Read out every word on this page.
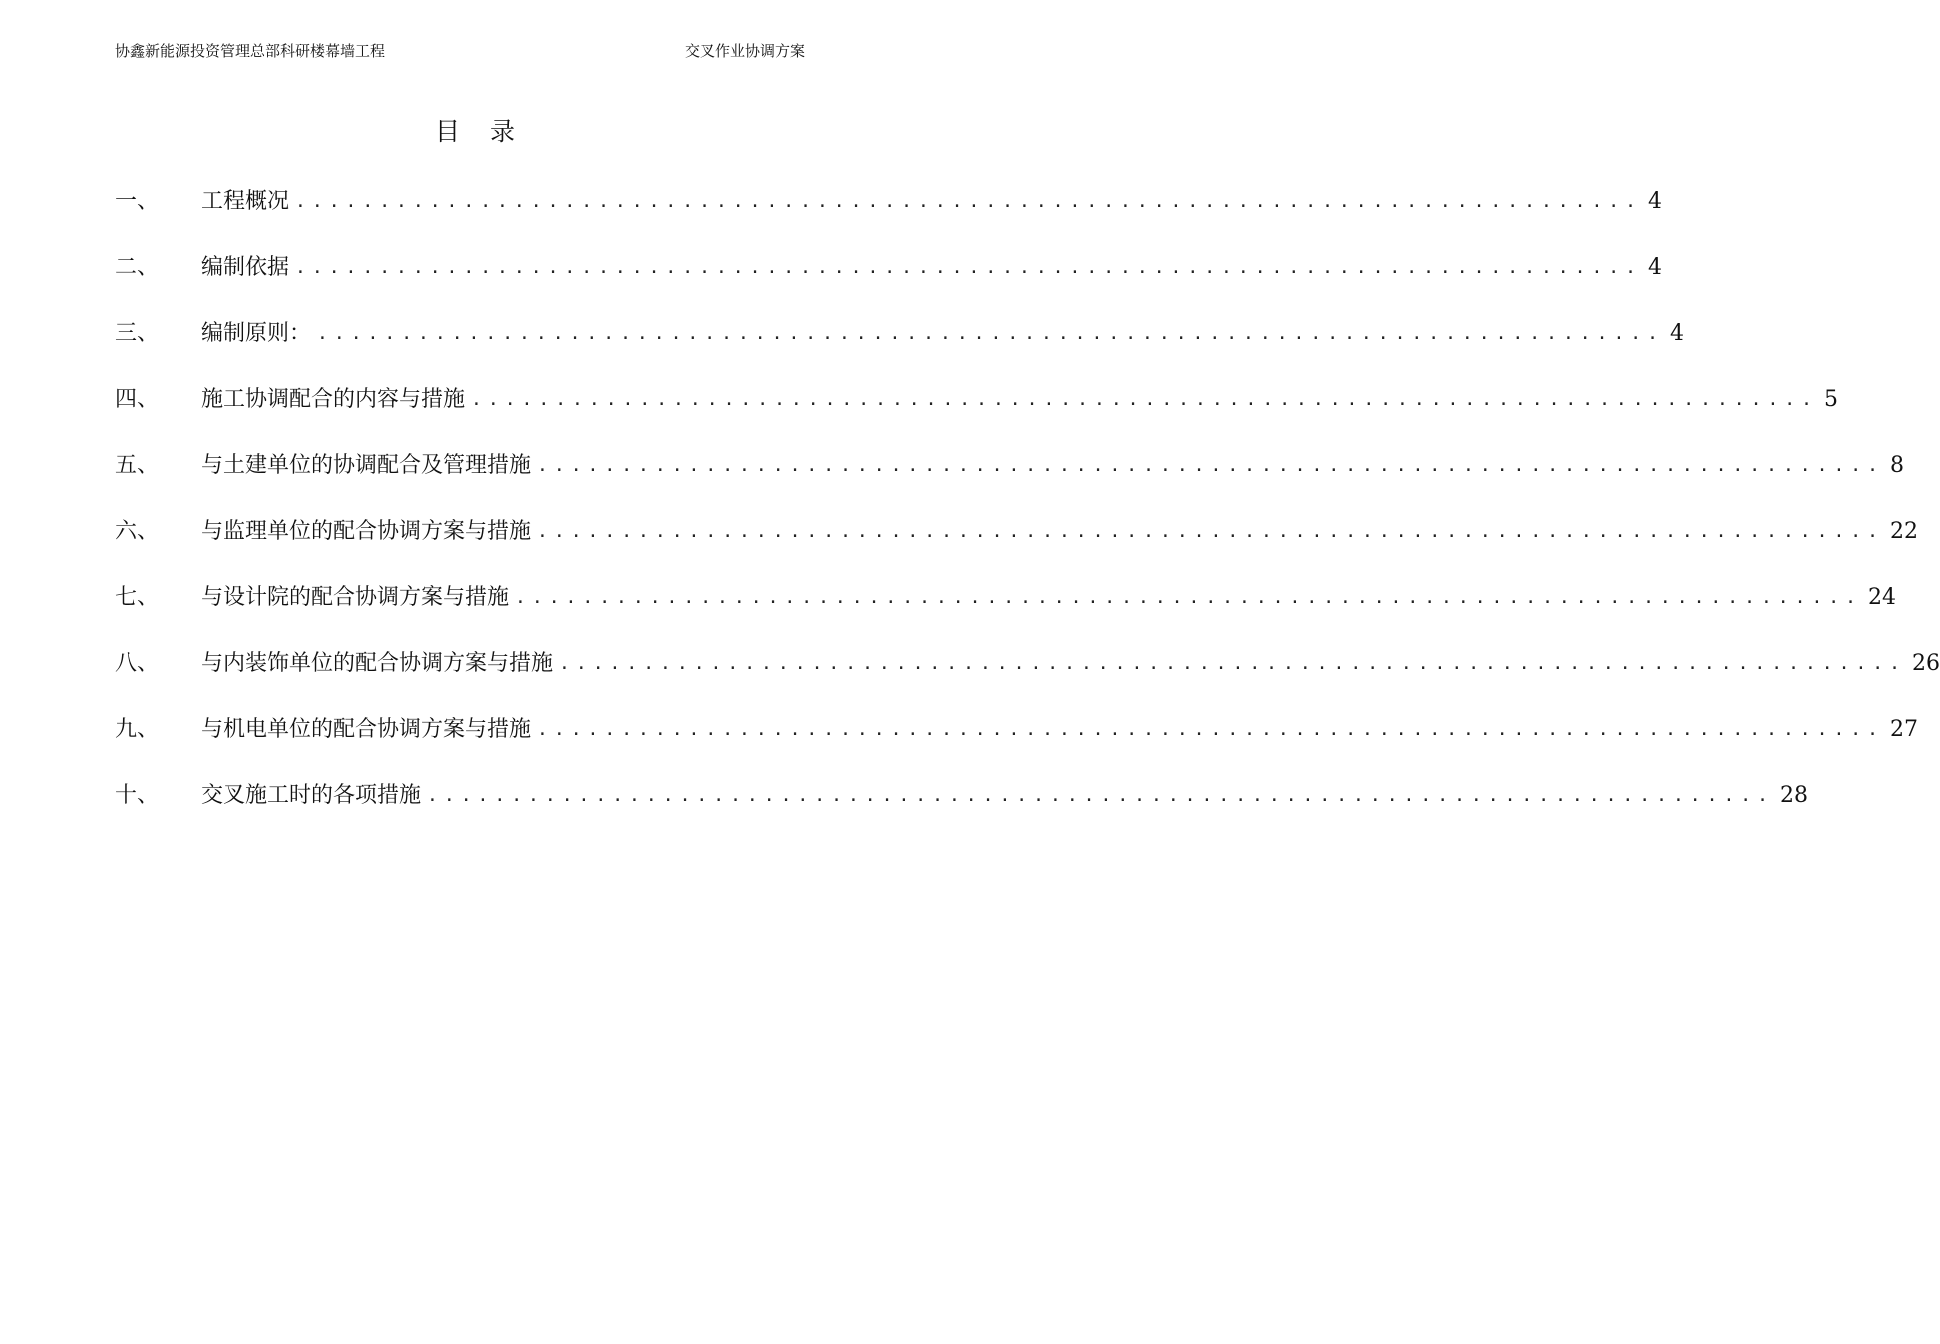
协鑫新能源投资管理总部科研楼幕墙工程	交叉作业协调方案
目录
一、	工程概况 ................................................................................ 4
二、	编制依据 ................................................................................ 4
三、	编制原则： ................................................................................ 4
四、	施工协调配合的内容与措施 ................................................................................ 5
五、	与土建单位的协调配合及管理措施 ................................................................................ 8
六、	与监理单位的配合协调方案与措施 ................................................................................ 22
七、	与设计院的配合协调方案与措施 ................................................................................ 24
八、	与内装饰单位的配合协调方案与措施 ................................................................................ 26
九、	与机电单位的配合协调方案与措施 ................................................................................ 27
十、	交叉施工时的各项措施 ................................................................................ 28
